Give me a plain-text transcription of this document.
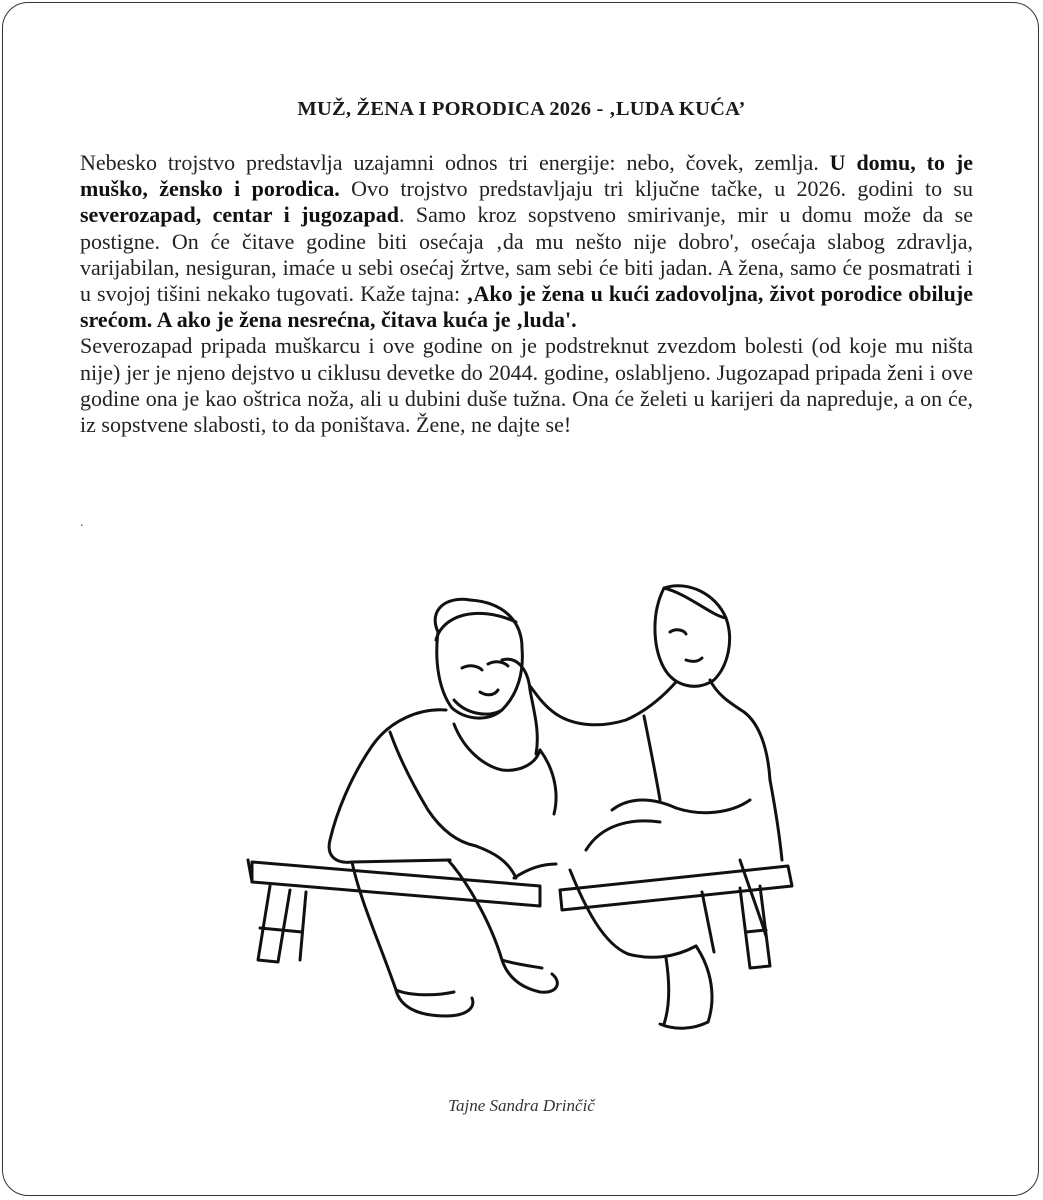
MUŽ, ŽENA I PORODICA 2026 - ‚LUDA KUĆA’

Nebesko trojstvo predstavlja uzajamni odnos tri energije: nebo, čovek, zemlja. U domu, to je muško, žensko i porodica. Ovo trojstvo predstavljaju tri ključne tačke, u 2026. godini to su severozapad, centar i jugozapad. Samo kroz sopstveno smirivanje, mir u domu može da se postigne. On će čitave godine biti osećaja ‚da mu nešto nije dobro', osećaja slabog zdravlja, varijabilan, nesiguran, imaće u sebi osećaj žrtve, sam sebi će biti jadan. A žena, samo će posmatrati i u svojoj tišini nekako tugovati. Kaže tajna: ‚Ako je žena u kući zadovoljna, život porodice obiluje srećom. A ako je žena nesrećna, čitava kuća je ‚luda'.

Severozapad pripada muškarcu i ove godine on je podstreknut zvezdom bolesti (od koje mu ništa nije) jer je njeno dejstvo u ciklusu devetke do 2044. godine, oslabljeno. Jugozapad pripada ženi i ove godine ona je kao oštrica noža, ali u dubini duše tužna. Ona će želeti u karijeri da napreduje, a on će, iz sopstvene slabosti, to da poništava. Žene, ne dajte se!

.
Tajne Sandra Drinčič
